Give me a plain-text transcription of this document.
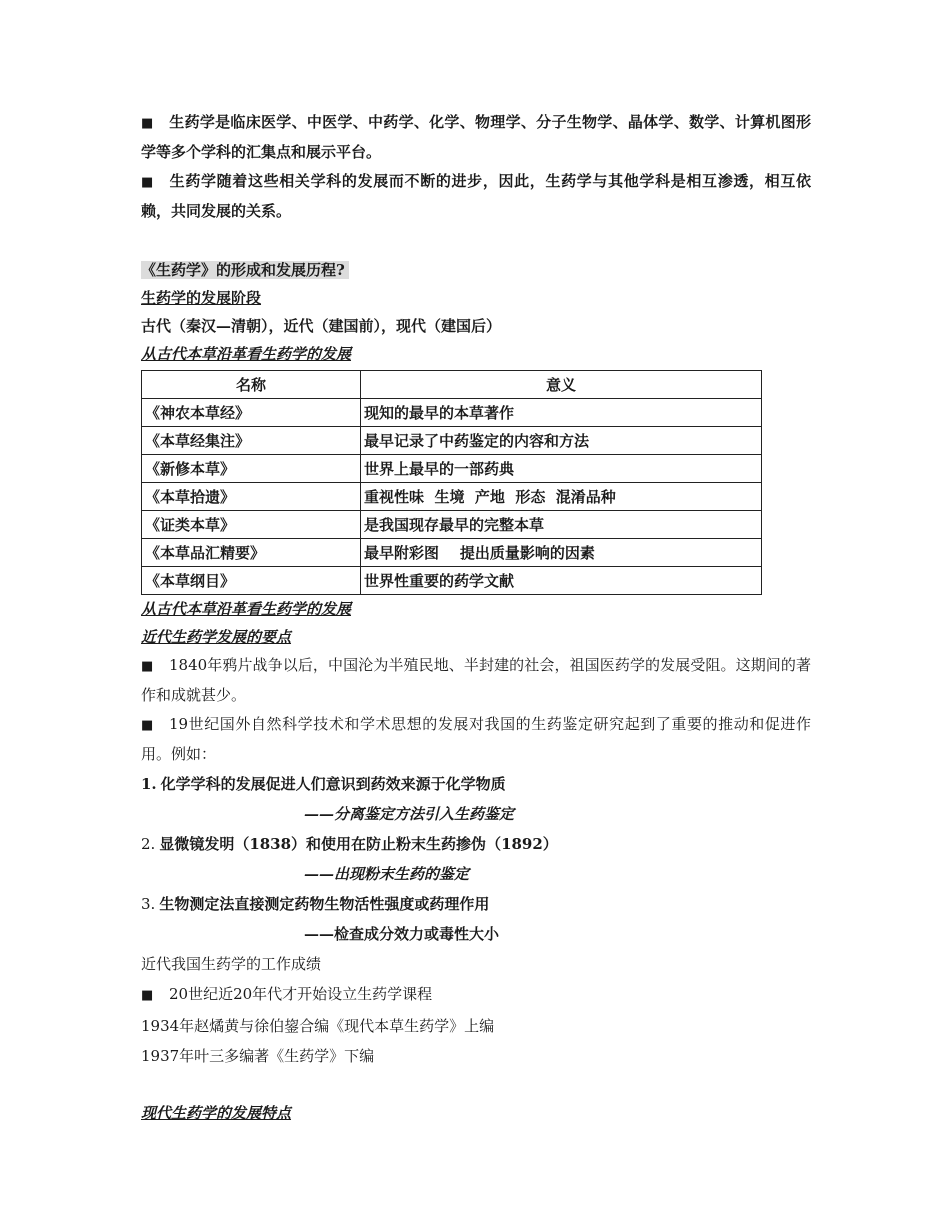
■ 生药学是临床医学、中医学、中药学、化学、物理学、分子生物学、晶体学、数学、计算机图形学等多个学科的汇集点和展示平台。
■ 生药学随着这些相关学科的发展而不断的进步，因此，生药学与其他学科是相互渗透，相互依赖，共同发展的关系。
《生药学》的形成和发展历程?
生药学的发展阶段
古代（秦汉—清朝），近代（建国前），现代（建国后）
从古代本草沿革看生药学的发展
名称	意义
《神农本草经》	现知的最早的本草著作
《本草经集注》	最早记录了中药鉴定的内容和方法
《新修本草》	世界上最早的一部药典
《本草拾遗》	重视性味  生境  产地  形态  混淆品种
《证类本草》	是我国现存最早的完整本草
《本草品汇精要》	最早附彩图    提出质量影响的因素
《本草纲目》	世界性重要的药学文献
从古代本草沿革看生药学的发展
近代生药学发展的要点
■ 1840年鸦片战争以后，中国沦为半殖民地、半封建的社会，祖国医药学的发展受阻。这期间的著作和成就甚少。
■ 19世纪国外自然科学技术和学术思想的发展对我国的生药鉴定研究起到了重要的推动和促进作用。例如：
1. 化学学科的发展促进人们意识到药效来源于化学物质
——分离鉴定方法引入生药鉴定
2. 显微镜发明（1838）和使用在防止粉末生药掺伪（1892）
——出现粉末生药的鉴定
3. 生物测定法直接测定药物生物活性强度或药理作用
——检查成分效力或毒性大小
近代我国生药学的工作成绩
■ 20世纪近20年代才开始设立生药学课程
1934年赵燏黄与徐伯鋆合编《现代本草生药学》上编
1937年叶三多编著《生药学》下编
现代生药学的发展特点
